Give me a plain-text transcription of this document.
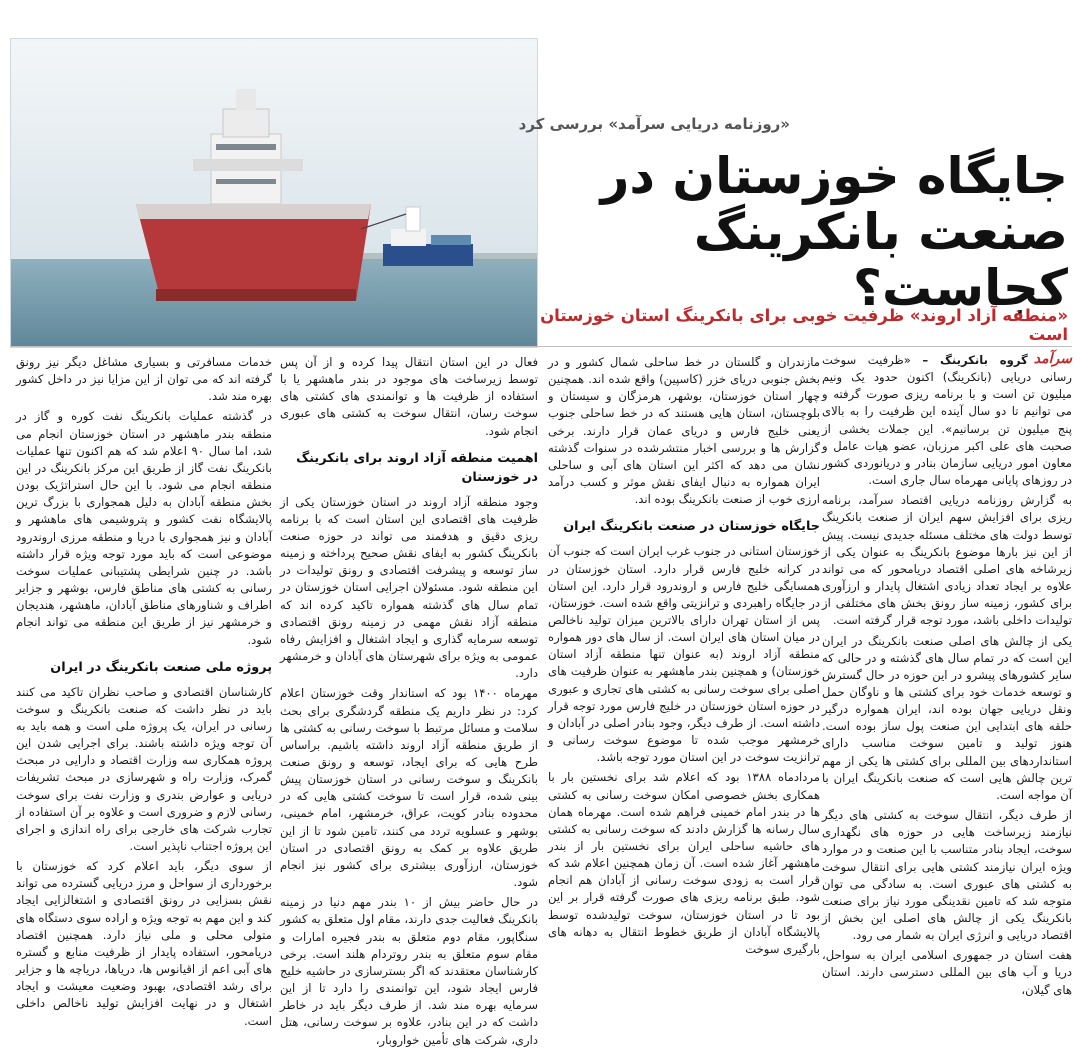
«روزنامه دریایی سرآمد» بررسی کرد
جایگاه خوزستان در
صنعت بانکرینگ کجاست؟
«منطقه آزاد اروند» ظرفیت خوبی برای بانکرینگ استان خوزستان است

سرآمد
گروه بانکرینگ – «ظرفیت سوخت رسانی دریایی (بانکرینگ) اکنون حدود یک ونیم میلیون تن است و با برنامه ریزی صورت گرفته و می توانیم تا دو سال آینده این ظرفیت را به بالای پنج میلیون تن برسانیم». این جملات بخشی از صحبت های علی اکبر مرزبان، عضو هیات عامل و معاون امور دریایی سازمان بنادر و دریانوردی کشور در روزهای پایانی مهرماه سال جاری است.

به گزارش روزنامه دریایی اقتصاد سرآمد، برنامه ریزی برای افزایش سهم ایران از صنعت بانکرینگ توسط دولت های مختلف مسئله جدیدی نیست. پیش از این نیز بارها موضوع بانکرینگ به عنوان یکی از زیرشاخه های اصلی اقتصاد دریامحور که می تواند علاوه بر ایجاد تعداد زیادی اشتغال پایدار و ارزآوری برای کشور، زمینه ساز رونق بخش های مختلفی از تولیدات داخلی باشد، مورد توجه قرار گرفته است.

یکی از چالش های اصلی صنعت بانکرینگ در ایران این است که در تمام سال های گذشته و در حالی که سایر کشورهای پیشرو در این حوزه در حال گسترش و توسعه خدمات خود برای کشتی ها و ناوگان حمل ونقل دریایی جهان بوده اند، ایران همواره درگیر حلقه های ابتدایی این صنعت پول ساز بوده است. هنوز تولید و تامین سوخت مناسب دارای استانداردهای بین المللی برای کشتی ها یکی از مهم ترین چالش هایی است که صنعت بانکرینگ ایران با آن مواجه است.

از طرف دیگر، انتقال سوخت به کشتی های دیگر نیازمند زیرساخت هایی در حوزه های نگهداری سوخت، ایجاد بنادر متناسب با این صنعت و در موارد ویژه ایران نیازمند کشتی هایی برای انتقال سوخت به کشتی های عبوری است. به سادگی می توان متوجه شد که تامین نقدینگی مورد نیاز برای صنعت بانکرینگ یکی از چالش های اصلی این بخش از اقتصاد دریایی و انرژی ایران به شمار می رود.

هفت استان در جمهوری اسلامی ایران به سواحل، دریا و آب های بین المللی دسترسی دارند. استان های گیلان،

مازندران و گلستان در خط ساحلی شمال کشور و در بخش جنوبی دریای خزر (کاسپین) واقع شده اند. همچنین چهار استان خوزستان، بوشهر، هرمزگان و سیستان و بلوچستان، استان هایی هستند که در خط ساحلی جنوب یعنی خلیج فارس و دریای عمان قرار دارند. برخی گزارش ها و بررسی اخبار منتشرشده در سنوات گذشته نشان می دهد که اکثر این استان های آبی و ساحلی ایران همواره به دنبال ایفای نقش موثر و کسب درآمد ارزی خوب از صنعت بانکرینگ بوده اند.

جایگاه خوزستان در صنعت بانکرینگ ایران

خوزستان استانی در جنوب غرب ایران است که جنوب آن در کرانه خلیج فارس قرار دارد. استان خوزستان در همسایگی خلیج فارس و اروندرود قرار دارد. این استان در جایگاه راهبردی و ترانزیتی واقع شده است. خوزستان، پس از استان تهران دارای بالاترین میزان تولید ناخالص در میان استان های ایران است. از سال های دور همواره منطقه آزاد اروند (به عنوان تنها منطقه آزاد استان خوزستان) و همچنین بندر ماهشهر به عنوان ظرفیت های اصلی برای سوخت رسانی به کشتی های تجاری و عبوری در حوزه استان خوزستان در خلیج فارس مورد توجه قرار داشته است. از طرف دیگر، وجود بنادر اصلی در آبادان و خرمشهر موجب شده تا موضوع سوخت رسانی و ترانزیت سوخت در این استان مورد توجه باشد.

مردادماه ۱۳۸۸ بود که اعلام شد برای نخستین بار با همکاری بخش خصوصی امکان سوخت رسانی به کشتی ها در بندر امام خمینی فراهم شده است. مهرماه همان سال رسانه ها گزارش دادند که سوخت رسانی به کشتی های حاشیه ساحلی ایران برای نخستین بار از بندر ماهشهر آغاز شده است. آن زمان همچنین اعلام شد که قرار است به زودی سوخت رسانی از آبادان هم انجام شود. طبق برنامه ریزی های صورت گرفته قرار بر این بود تا در استان خوزستان، سوخت تولیدشده توسط پالایشگاه آبادان از طریق خطوط انتقال به دهانه های بارگیری سوخت

فعال در این استان انتقال پیدا کرده و از آن پس توسط زیرساخت های موجود در بندر ماهشهر یا با استفاده از ظرفیت ها و توانمندی های کشتی های سوخت رسان، انتقال سوخت به کشتی های عبوری انجام شود.

اهمیت منطقه آزاد اروند برای بانکرینگ در خوزستان

وجود منطقه آزاد اروند در استان خوزستان یکی از ظرفیت های اقتصادی این استان است که با برنامه ریزی دقیق و هدفمند می تواند در حوزه صنعت بانکرینگ کشور به ایفای نقش صحیح پرداخته و زمینه ساز توسعه و پیشرفت اقتصادی و رونق تولیدات در این منطقه شود. مسئولان اجرایی استان خوزستان در تمام سال های گذشته همواره تاکید کرده اند که منطقه آزاد نقش مهمی در زمینه رونق اقتصادی توسعه سرمایه گذاری و ایجاد اشتغال و افزایش رفاه عمومی به ویژه برای شهرستان های آبادان و خرمشهر دارد.

مهرماه ۱۴۰۰ بود که استاندار وقت خوزستان اعلام کرد: در نظر داریم یک منطقه گردشگری برای بحث سلامت و مسائل مرتبط با سوخت رسانی به کشتی ها از طریق منطقه آزاد اروند داشته باشیم. براساس طرح هایی که برای ایجاد، توسعه و رونق صنعت بانکرینگ و سوخت رسانی در استان خوزستان پیش بینی شده، قرار است تا سوخت کشتی هایی که در محدوده بنادر کویت، عراق، خرمشهر، امام خمینی، بوشهر و عسلویه تردد می کنند، تامین شود تا از این طریق علاوه بر کمک به رونق اقتصادی در استان خوزستان، ارزآوری بیشتری برای کشور نیز انجام شود.

در حال حاضر بیش از ۱۰ بندر مهم دنیا در زمینه بانکرینگ فعالیت جدی دارند، مقام اول متعلق به کشور سنگاپور، مقام دوم متعلق به بندر فجیره امارات و مقام سوم متعلق به بندر روتردام هلند است. برخی کارشناسان معتقدند که اگر بسترسازی در حاشیه خلیج فارس ایجاد شود، این توانمندی را دارد تا از این سرمایه بهره مند شد. از طرف دیگر باید در خاطر داشت که در این بنادر، علاوه بر سوخت رسانی، هتل داری، شرکت های تأمین خواروبار،

خدمات مسافرتی و بسیاری مشاغل دیگر نیز رونق گرفته اند که می توان از این مزایا نیز در داخل کشور بهره مند شد.

در گذشته عملیات بانکرینگ نفت کوره و گاز در منطقه بندر ماهشهر در استان خوزستان انجام می شد، اما سال ۹۰ اعلام شد که هم اکنون تنها عملیات بانکرینگ نفت گاز از طریق این مرکز بانکرینگ در این منطقه انجام می شود. با این حال استراتژیک بودن بخش منطقه آبادان به دلیل همجواری با بزرگ ترین پالایشگاه نفت کشور و پتروشیمی های ماهشهر و آبادان و نیز همجواری با دریا و منطقه مرزی اروندرود موضوعی است که باید مورد توجه ویژه قرار داشته باشد. در چنین شرایطی پشتیبانی عملیات سوخت رسانی به کشتی های مناطق فارس، بوشهر و جزایر اطراف و شناورهای مناطق آبادان، ماهشهر، هندیجان و خرمشهر نیز از طریق این منطقه می تواند انجام شود.

پروژه ملی صنعت بانکرینگ در ایران

کارشناسان اقتصادی و صاحب نظران تاکید می کنند باید در نظر داشت که صنعت بانکرینگ و سوخت رسانی در ایران، یک پروژه ملی است و همه باید به آن توجه ویژه داشته باشند. برای اجرایی شدن این پروژه همکاری سه وزارت اقتصاد و دارایی در مبحث گمرک، وزارت راه و شهرسازی در مبحث تشریفات دریایی و عوارض بندری و وزارت نفت برای سوخت رسانی لازم و ضروری است و علاوه بر آن استفاده از تجارب شرکت های خارجی برای راه اندازی و اجرای این پروژه اجتناب ناپذیر است.

از سوی دیگر، باید اعلام کرد که خوزستان با برخورداری از سواحل و مرز دریایی گسترده می تواند نقش بسزایی در رونق اقتصادی و اشتغالزایی ایجاد کند و این مهم به توجه ویژه و اراده سوی دستگاه های متولی محلی و ملی نیاز دارد. همچنین اقتصاد دریامحور، استفاده پایدار از ظرفیت منابع و گستره های آبی اعم از اقیانوس ها، دریاها، دریاچه ها و جزایر برای رشد اقتصادی، بهبود وضعیت معیشت و ایجاد اشتغال و در نهایت افزایش تولید ناخالص داخلی است.
